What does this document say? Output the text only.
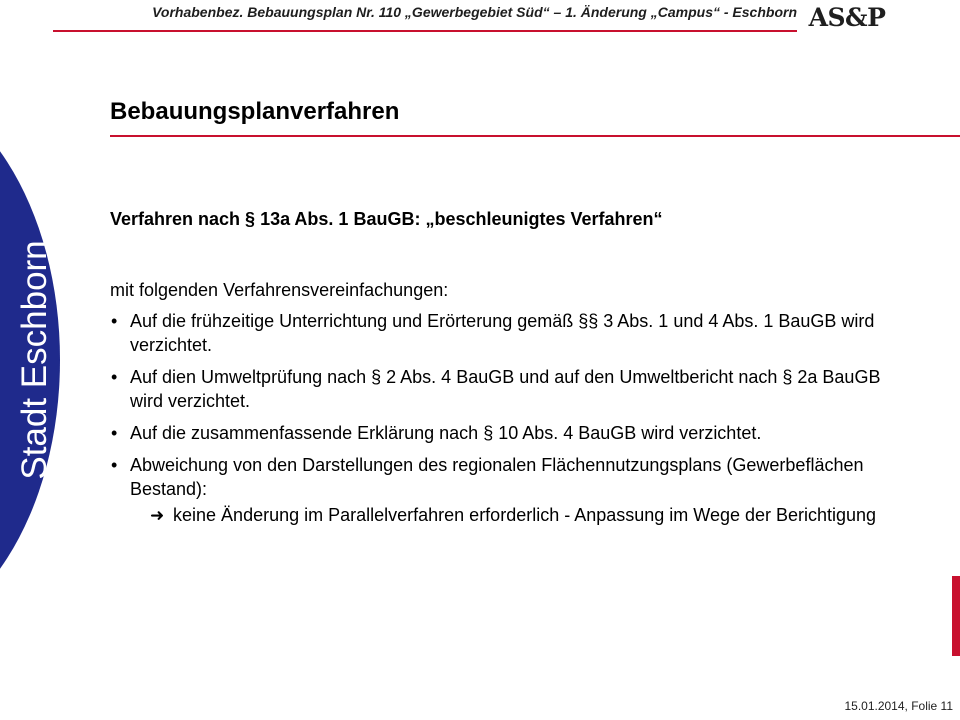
Vorhabenbez. Bebauungsplan Nr. 110 „Gewerbegebiet Süd“ – 1. Änderung „Campus“ - Eschborn AS&P
Stadt Eschborn
Bebauungsplanverfahren
Verfahren nach § 13a Abs. 1 BauGB: „beschleunigtes Verfahren“

mit folgenden Verfahrensvereinfachungen:

• Auf die frühzeitige Unterrichtung und Erörterung gemäß §§ 3 Abs. 1 und 4 Abs. 1 BauGB wird verzichtet.
• Auf dien Umweltprüfung nach § 2 Abs. 4 BauGB und auf den Umweltbericht nach § 2a BauGB wird verzichtet.
• Auf die zusammenfassende Erklärung nach § 10 Abs. 4 BauGB wird verzichtet.
• Abweichung von den Darstellungen des regionalen Flächennutzungsplans (Gewerbeflächen Bestand):
➜ keine Änderung im Parallelverfahren erforderlich - Anpassung im Wege der Berichtigung
15.01.2014, Folie 11
